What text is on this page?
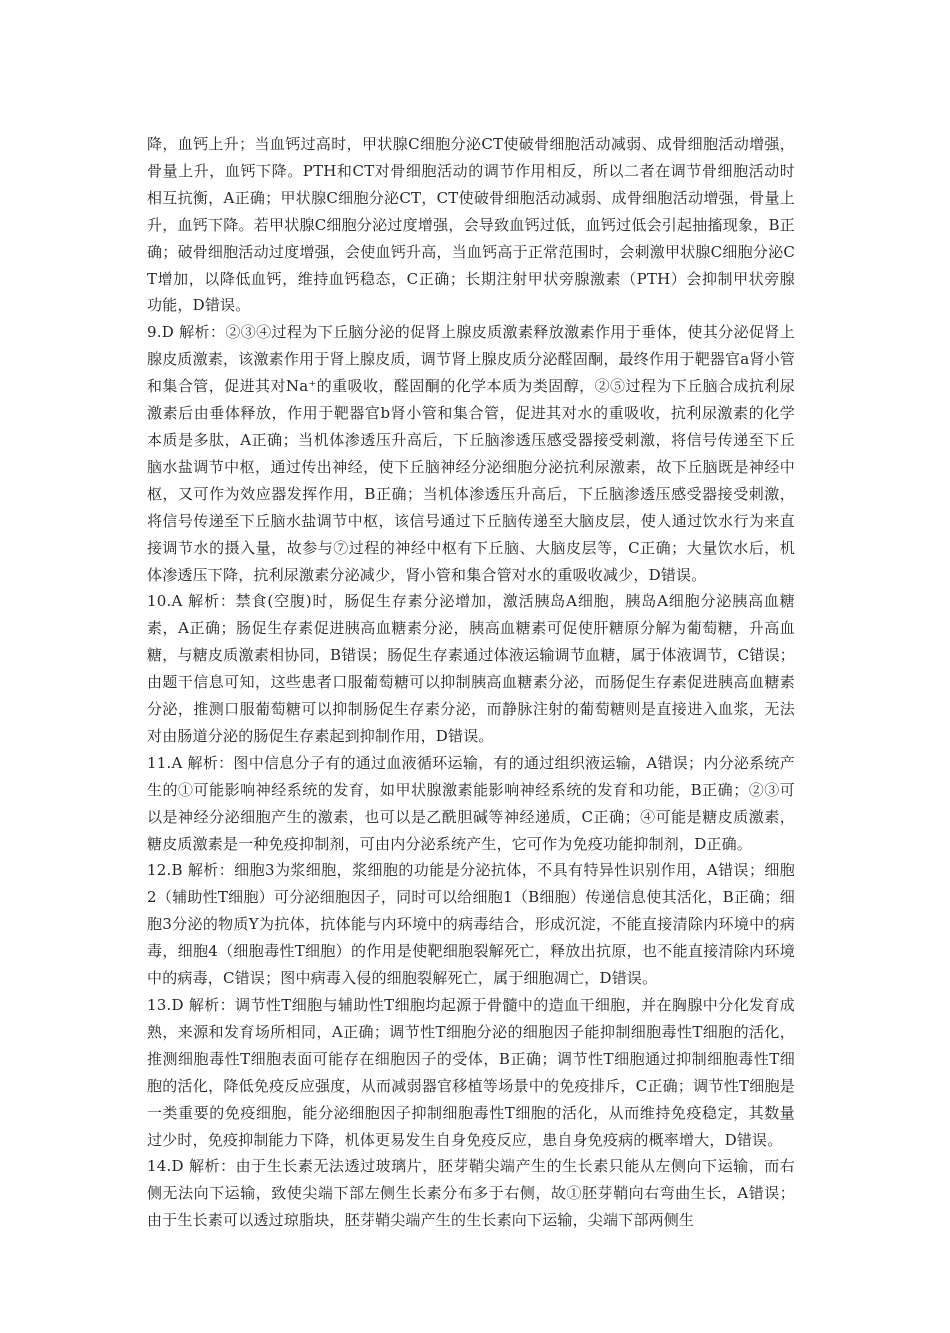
降，血钙上升；当血钙过高时，甲状腺C细胞分泌CT使破骨细胞活动减弱、成骨细胞活动增强，骨量上升，血钙下降。PTH和CT对骨细胞活动的调节作用相反，所以二者在调节骨细胞活动时相互抗衡，A正确；甲状腺C细胞分泌CT，CT使破骨细胞活动减弱、成骨细胞活动增强，骨量上升，血钙下降。若甲状腺C细胞分泌过度增强，会导致血钙过低，血钙过低会引起抽搐现象，B正确；破骨细胞活动过度增强，会使血钙升高，当血钙高于正常范围时，会刺激甲状腺C细胞分泌CT增加，以降低血钙，维持血钙稳态，C正确；长期注射甲状旁腺激素（PTH）会抑制甲状旁腺功能，D错误。

9.D 解析：②③④过程为下丘脑分泌的促肾上腺皮质激素释放激素作用于垂体，使其分泌促肾上腺皮质激素，该激素作用于肾上腺皮质，调节肾上腺皮质分泌醛固酮，最终作用于靶器官a肾小管和集合管，促进其对Na⁺的重吸收，醛固酮的化学本质为类固醇，②⑤过程为下丘脑合成抗利尿激素后由垂体释放，作用于靶器官b肾小管和集合管，促进其对水的重吸收，抗利尿激素的化学本质是多肽，A正确；当机体渗透压升高后，下丘脑渗透压感受器接受刺激，将信号传递至下丘脑水盐调节中枢，通过传出神经，使下丘脑神经分泌细胞分泌抗利尿激素，故下丘脑既是神经中枢，又可作为效应器发挥作用，B正确；当机体渗透压升高后，下丘脑渗透压感受器接受刺激，将信号传递至下丘脑水盐调节中枢，该信号通过下丘脑传递至大脑皮层，使人通过饮水行为来直接调节水的摄入量，故参与⑦过程的神经中枢有下丘脑、大脑皮层等，C正确；大量饮水后，机体渗透压下降，抗利尿激素分泌减少，肾小管和集合管对水的重吸收减少，D错误。

10.A 解析：禁食(空腹)时，肠促生存素分泌增加，激活胰岛A细胞，胰岛A细胞分泌胰高血糖素，A正确；肠促生存素促进胰高血糖素分泌，胰高血糖素可促使肝糖原分解为葡萄糖，升高血糖，与糖皮质激素相协同，B错误；肠促生存素通过体液运输调节血糖，属于体液调节，C错误；由题干信息可知，这些患者口服葡萄糖可以抑制胰高血糖素分泌，而肠促生存素促进胰高血糖素分泌，推测口服葡萄糖可以抑制肠促生存素分泌，而静脉注射的葡萄糖则是直接进入血浆，无法对由肠道分泌的肠促生存素起到抑制作用，D错误。

11.A 解析：图中信息分子有的通过血液循环运输，有的通过组织液运输，A错误；内分泌系统产生的①可能影响神经系统的发育，如甲状腺激素能影响神经系统的发育和功能，B正确；②③可以是神经分泌细胞产生的激素，也可以是乙酰胆碱等神经递质，C正确；④可能是糖皮质激素，糖皮质激素是一种免疫抑制剂，可由内分泌系统产生，它可作为免疫功能抑制剂，D正确。

12.B 解析：细胞3为浆细胞，浆细胞的功能是分泌抗体，不具有特异性识别作用，A错误；细胞2（辅助性T细胞）可分泌细胞因子，同时可以给细胞1（B细胞）传递信息使其活化，B正确；细胞3分泌的物质Y为抗体，抗体能与内环境中的病毒结合，形成沉淀，不能直接清除内环境中的病毒，细胞4（细胞毒性T细胞）的作用是使靶细胞裂解死亡，释放出抗原，也不能直接清除内环境中的病毒，C错误；图中病毒入侵的细胞裂解死亡，属于细胞凋亡，D错误。

13.D 解析：调节性T细胞与辅助性T细胞均起源于骨髓中的造血干细胞，并在胸腺中分化发育成熟，来源和发育场所相同，A正确；调节性T细胞分泌的细胞因子能抑制细胞毒性T细胞的活化，推测细胞毒性T细胞表面可能存在细胞因子的受体，B正确；调节性T细胞通过抑制细胞毒性T细胞的活化，降低免疫反应强度，从而减弱器官移植等场景中的免疫排斥，C正确；调节性T细胞是一类重要的免疫细胞，能分泌细胞因子抑制细胞毒性T细胞的活化，从而维持免疫稳定，其数量过少时，免疫抑制能力下降，机体更易发生自身免疫反应，患自身免疫病的概率增大，D错误。

14.D 解析：由于生长素无法透过玻璃片，胚芽鞘尖端产生的生长素只能从左侧向下运输，而右侧无法向下运输，致使尖端下部左侧生长素分布多于右侧，故①胚芽鞘向右弯曲生长，A错误；由于生长素可以透过琼脂块，胚芽鞘尖端产生的生长素向下运输，尖端下部两侧生
